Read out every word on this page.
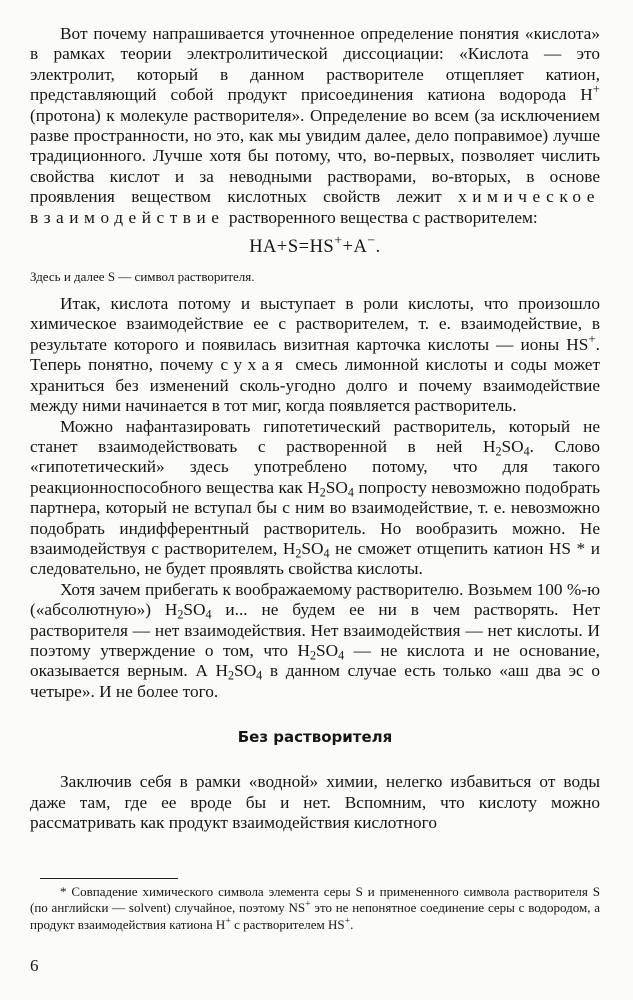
Вот почему напрашивается уточненное определение понятия «кислота» в рамках теории электролитической диссоциации: «Кислота — это электролит, который в данном растворителе отщепляет катион, представляющий собой продукт присоединения катиона водорода H+ (протона) к молекуле растворителя». Определение во всем (за исключением разве пространности, но это, как мы увидим далее, дело поправимое) лучше традиционного. Лучше хотя бы потому, что, во-первых, позволяет числить свойства кислот и за неводными растворами, во-вторых, в основе проявления веществом кислотных свойств лежит химическое взаимодействие растворенного вещества с растворителем:

HA+S=HS++A−.

Здесь и далее S — символ растворителя.

Итак, кислота потому и выступает в роли кислоты, что произошло химическое взаимодействие ее с растворителем, т. е. взаимодействие, в результате которого и появилась визитная карточка кислоты — ионы HS+. Теперь понятно, почему сухая смесь лимонной кислоты и соды может храниться без изменений сколь-угодно долго и почему взаимодействие между ними начинается в тот миг, когда появляется растворитель.

Можно нафантазировать гипотетический растворитель, который не станет взаимодействовать с растворенной в ней $H_2SO_4$. Слово «гипотетический» здесь употреблено потому, что для такого реакционноспособного вещества как $H_2SO_4$ попросту невозможно подобрать партнера, который не вступал бы с ним во взаимодействие, т. е. невозможно подобрать индифферентный растворитель. Но вообразить можно. Не взаимодействуя с растворителем, $H_2SO_4$ не сможет отщепить катион HS * и следовательно, не будет проявлять свойства кислоты.

Хотя зачем прибегать к воображаемому растворителю. Возьмем 100 %-ю («абсолютную») $H_2SO_4$ и... не будем ее ни в чем растворять. Нет растворителя — нет взаимодействия. Нет взаимодействия — нет кислоты. И поэтому утверждение о том, что $H_2SO_4$ — не кислота и не основание, оказывается верным. А $H_2SO_4$ в данном случае есть только «аш два эс о четыре». И не более того.

Без растворителя

Заключив себя в рамки «водной» химии, нелегко избавиться от воды даже там, где ее вроде бы и нет. Вспомним, что кислоту можно рассматривать как продукт взаимодействия кислотного

* Совпадение химического символа элемента серы S и примененного символа растворителя S (по английски — solvent) случайное, поэтому NS+ это не непонятное соединение серы с водородом, а продукт взаимодействия катиона H+ с растворителем HS+.

6
